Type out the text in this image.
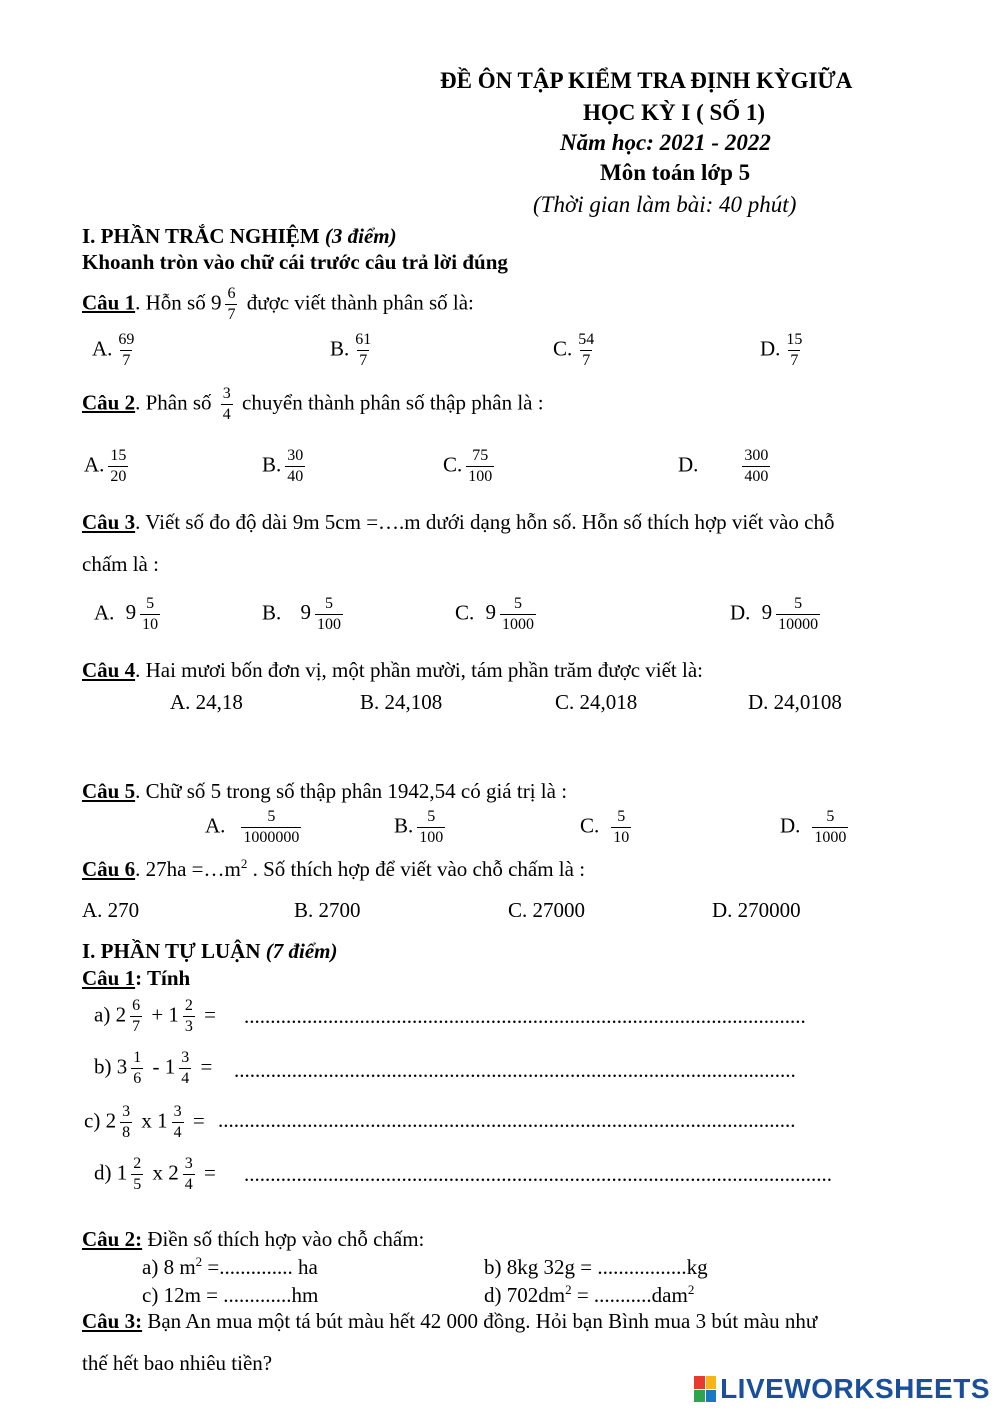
ĐỀ ÔN TẬP KIỂM TRA ĐỊNH KỲGIỮA
HỌC KỲ I ( SỐ 1)
Năm học: 2021 - 2022
Môn toán lớp 5
(Thời gian làm bài: 40 phút)
I. PHẦN TRẮC NGHIỆM (3 điểm)
Khoanh tròn vào chữ cái trước câu trả lời đúng
Câu 1. Hỗn số $9 \frac{6}{7}$ được viết thành phân số là:
A. $\frac{69}{7}$	B. $\frac{61}{7}$	C. $\frac{54}{7}$	D. $\frac{15}{7}$
Câu 2. Phân số $\frac{3}{4}$ chuyển thành phân số thập phân là :
A. $\frac{15}{20}$	B. $\frac{30}{40}$	C. $\frac{75}{100}$	D.	$\frac{300}{400}$
Câu 3. Viết số đo độ dài 9m 5cm =….m dưới dạng hỗn số. Hỗn số thích hợp viết vào chỗ
chấm là :
A. $9 \frac{5}{10}$	B. $9 \frac{5}{100}$	C. $9 \frac{5}{1000}$	D. $9 \frac{5}{10000}$
Câu 4. Hai mươi bốn đơn vị, một phần mười, tám phần trăm được viết là:
A. 24,18	B. 24,108	C. 24,018	D. 24,0108
Câu 5. Chữ số 5 trong số thập phân 1942,54 có giá trị là :
A. $\frac{5}{1000000}$	B. $\frac{5}{100}$	C. $\frac{5}{10}$	D. $\frac{5}{1000}$
Câu 6. $27ha =\dots m^2$ . Số thích hợp để viết vào chỗ chấm là :
A. 270	B. 2700	C. 27000	D. 270000
I. PHẦN TỰ LUẬN (7 điểm)
Câu 1: Tính
a) $2 \frac{6}{7} + 1 \frac{2}{3}$ = ...........................................................................................................
b) $3 \frac{1}{6} - 1 \frac{3}{4}$ = ...........................................................................................................
c) $2 \frac{3}{8}$ x $1 \frac{3}{4}$ = ..............................................................................................................
d) $1 \frac{2}{5}$ x $2 \frac{3}{4}$ = ................................................................................................................
Câu 2: Điền số thích hợp vào chỗ chấm:
a) 8 $m^2$ =.............. ha	b) 8kg 32g = .................kg
c) 12m = .............hm	d) $702dm^2 = ...........dam^2$
Câu 3: Bạn An mua một tá bút màu hết 42 000 đồng. Hỏi bạn Bình mua 3 bút màu như
thế hết bao nhiêu tiền?
LIVEWORKSHEETS
